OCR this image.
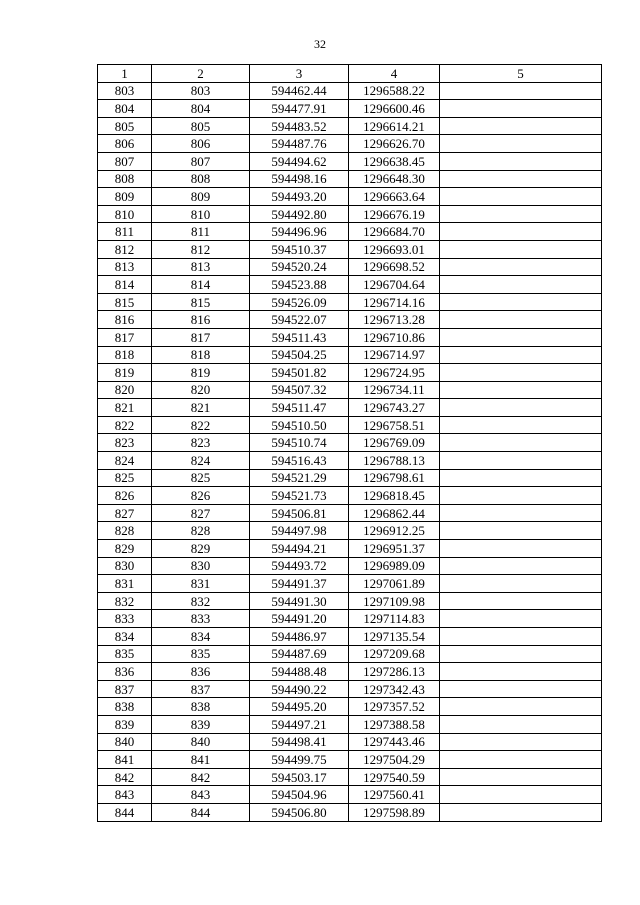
32
1	2	3	4	5
803	803	594462.44	1296588.22	
804	804	594477.91	1296600.46	
805	805	594483.52	1296614.21	
806	806	594487.76	1296626.70	
807	807	594494.62	1296638.45	
808	808	594498.16	1296648.30	
809	809	594493.20	1296663.64	
810	810	594492.80	1296676.19	
811	811	594496.96	1296684.70	
812	812	594510.37	1296693.01	
813	813	594520.24	1296698.52	
814	814	594523.88	1296704.64	
815	815	594526.09	1296714.16	
816	816	594522.07	1296713.28	
817	817	594511.43	1296710.86	
818	818	594504.25	1296714.97	
819	819	594501.82	1296724.95	
820	820	594507.32	1296734.11	
821	821	594511.47	1296743.27	
822	822	594510.50	1296758.51	
823	823	594510.74	1296769.09	
824	824	594516.43	1296788.13	
825	825	594521.29	1296798.61	
826	826	594521.73	1296818.45	
827	827	594506.81	1296862.44	
828	828	594497.98	1296912.25	
829	829	594494.21	1296951.37	
830	830	594493.72	1296989.09	
831	831	594491.37	1297061.89	
832	832	594491.30	1297109.98	
833	833	594491.20	1297114.83	
834	834	594486.97	1297135.54	
835	835	594487.69	1297209.68	
836	836	594488.48	1297286.13	
837	837	594490.22	1297342.43	
838	838	594495.20	1297357.52	
839	839	594497.21	1297388.58	
840	840	594498.41	1297443.46	
841	841	594499.75	1297504.29	
842	842	594503.17	1297540.59	
843	843	594504.96	1297560.41	
844	844	594506.80	1297598.89	
